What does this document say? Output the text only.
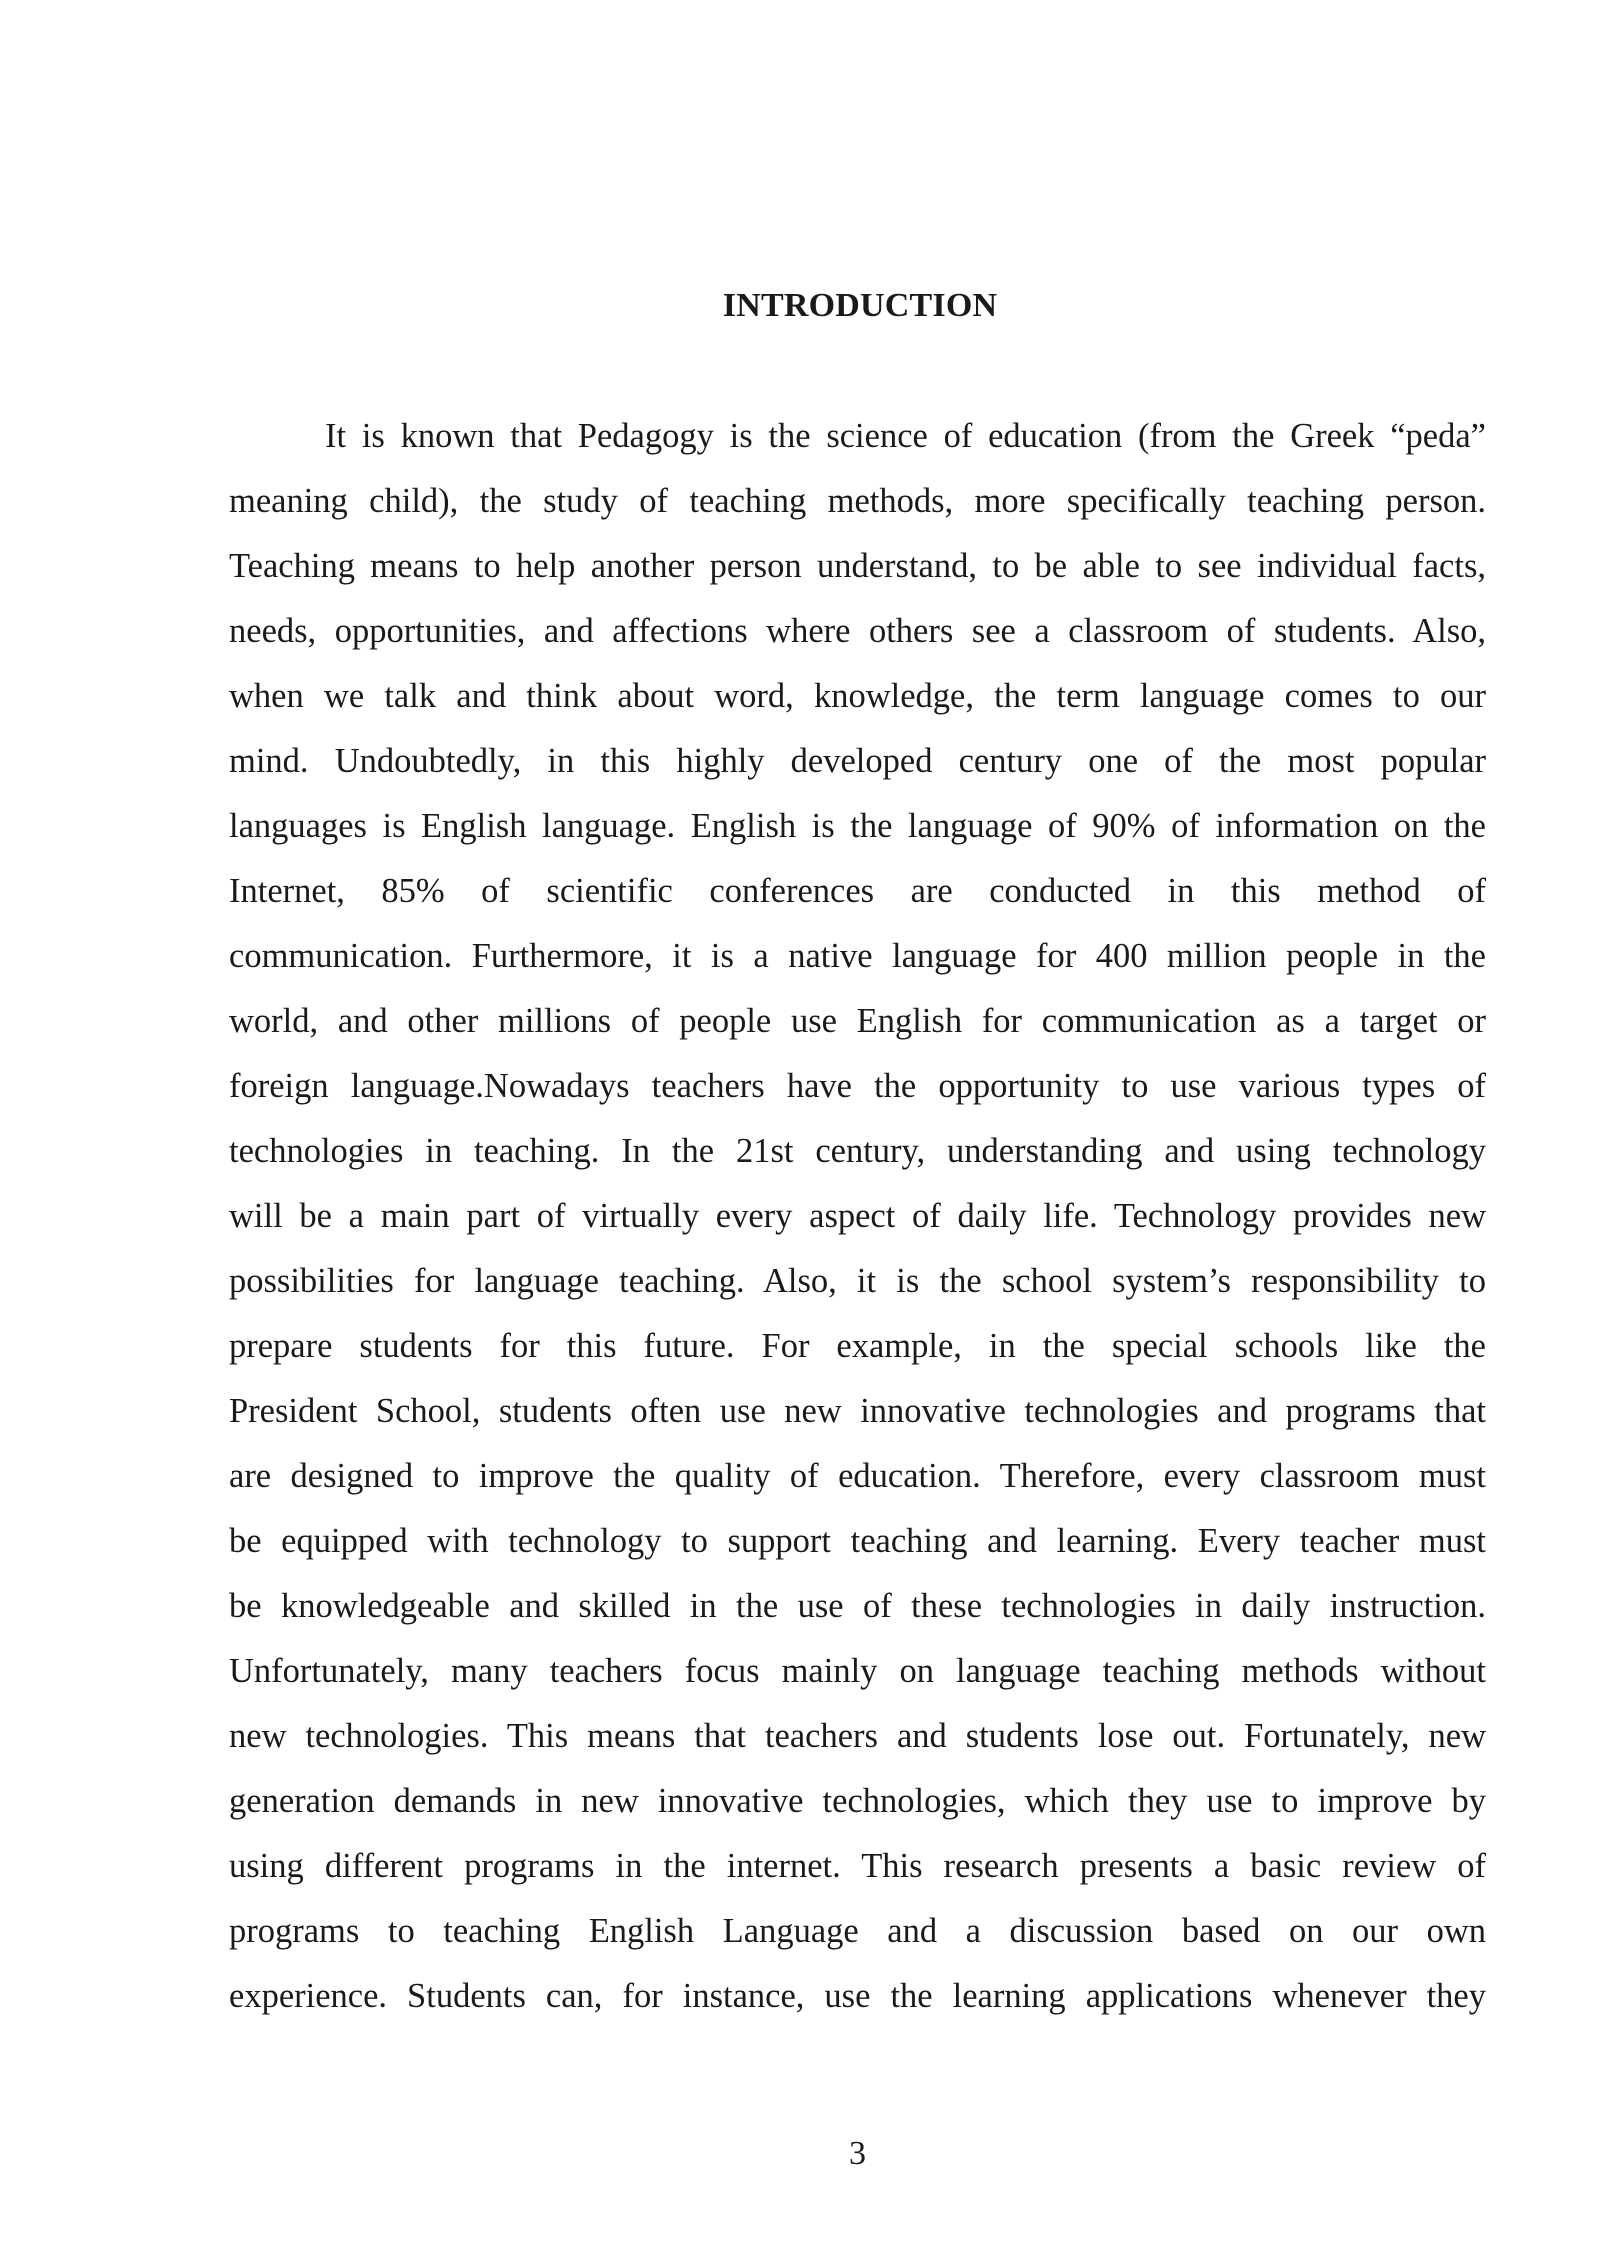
INTRODUCTION
It is known that Pedagogy is the science of education (from the Greek “peda”
meaning child), the study of teaching methods, more specifically teaching person.
Teaching means to help another person understand, to be able to see individual facts,
needs, opportunities, and affections where others see a classroom of students. Also,
when we talk and think about word, knowledge, the term language comes to our
mind. Undoubtedly, in this highly developed century one of the most popular
languages is English language. English is the language of 90% of information on the
Internet, 85% of scientific conferences are conducted in this method of
communication. Furthermore, it is a native language for 400 million people in the
world, and other millions of people use English for communication as a target or
foreign language.Nowadays teachers have the opportunity to use various types of
technologies in teaching. In the 21st century, understanding and using technology
will be a main part of virtually every aspect of daily life. Technology provides new
possibilities for language teaching. Also, it is the school system’s responsibility to
prepare students for this future. For example, in the special schools like the
President School, students often use new innovative technologies and programs that
are designed to improve the quality of education. Therefore, every classroom must
be equipped with technology to support teaching and learning. Every teacher must
be knowledgeable and skilled in the use of these technologies in daily instruction.
Unfortunately, many teachers focus mainly on language teaching methods without
new technologies. This means that teachers and students lose out. Fortunately, new
generation demands in new innovative technologies, which they use to improve by
using different programs in the internet. This research presents a basic review of
programs to teaching English Language and a discussion based on our own
experience. Students can, for instance, use the learning applications whenever they
3
